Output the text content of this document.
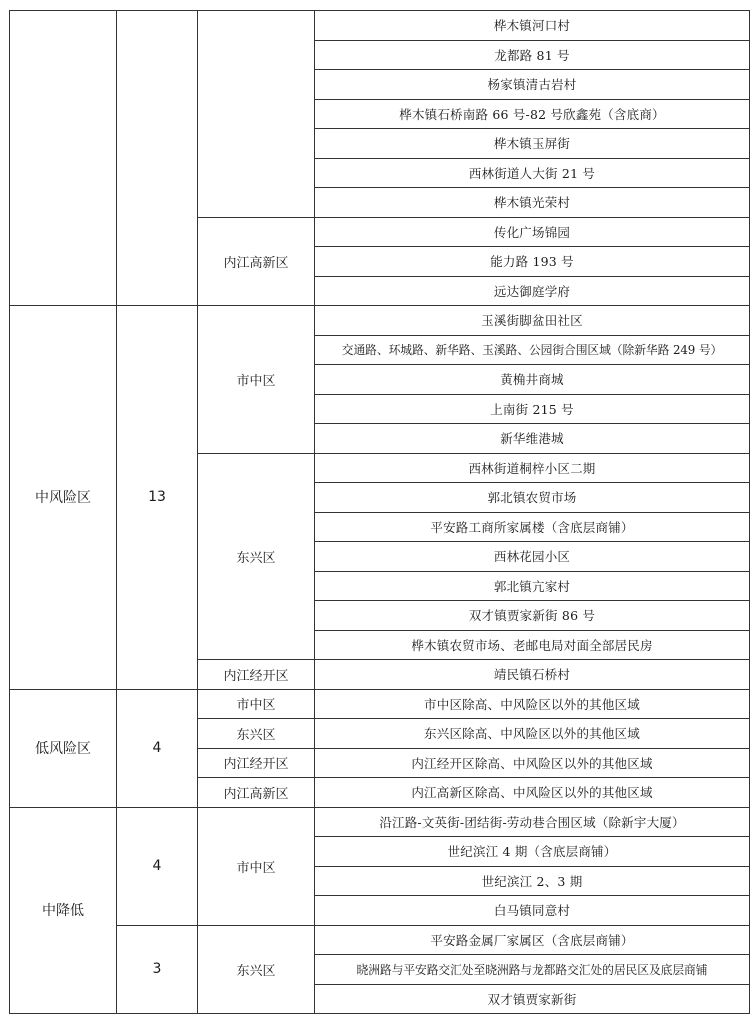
			桦木镇河口村
			龙都路 81 号
			杨家镇清古岩村
			桦木镇石桥南路 66 号-82 号欣鑫苑（含底商）
			桦木镇玉屏街
			西林街道人大街 21 号
			桦木镇光荣村
		内江高新区	传化广场锦园
			能力路 193 号
			远达御庭学府
中风险区	13	市中区	玉溪街脚盆田社区
			交通路、环城路、新华路、玉溪路、公园街合围区域（除新华路 249 号）
			黄桷井商城
			上南街 215 号
			新华维港城
		东兴区	西林街道桐梓小区二期
			郭北镇农贸市场
			平安路工商所家属楼（含底层商铺）
			西林花园小区
			郭北镇亢家村
			双才镇贾家新街 86 号
			桦木镇农贸市场、老邮电局对面全部居民房
		内江经开区	靖民镇石桥村
低风险区	4	市中区	市中区除高、中风险区以外的其他区域
		东兴区	东兴区除高、中风险区以外的其他区域
		内江经开区	内江经开区除高、中风险区以外的其他区域
		内江高新区	内江高新区除高、中风险区以外的其他区域
中降低	4	市中区	沿江路-文英街-团结街-劳动巷合围区域（除新宇大厦）
			世纪滨江 4 期（含底层商铺）
			世纪滨江 2、3 期
			白马镇同意村
	3	东兴区	平安路金属厂家属区（含底层商铺）
			晓洲路与平安路交汇处至晓洲路与龙都路交汇处的居民区及底层商铺
			双才镇贾家新街
